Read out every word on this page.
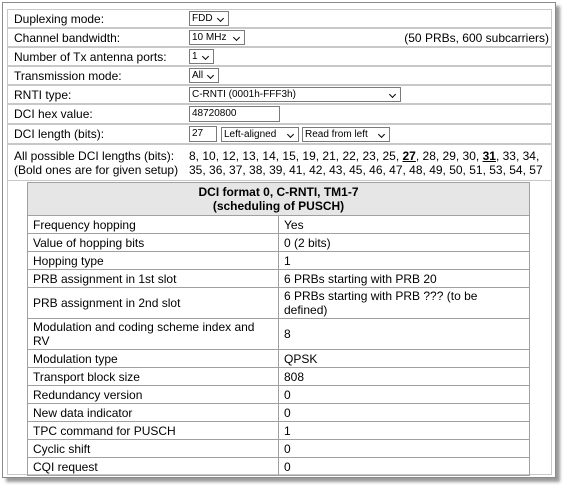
Duplexing mode:	FDD
Channel bandwidth:	10 MHz	(50 PRBs, 600 subcarriers)
Number of Tx antenna ports:	1
Transmission mode:	All
RNTI type:	C-RNTI (0001h-FFF3h)
DCI hex value:	48720800
DCI length (bits):	27	Left-aligned	Read from left
All possible DCI lengths (bits):
(Bold ones are for given setup)
8, 10, 12, 13, 14, 15, 19, 21, 22, 23, 25, 27, 28, 29, 30, 31, 33, 34,
35, 36, 37, 38, 39, 41, 42, 43, 45, 46, 47, 48, 49, 50, 51, 53, 54, 57
DCI format 0, C-RNTI, TM1-7
(scheduling of PUSCH)	
Frequency hopping	Yes
Value of hopping bits	0 (2 bits)
Hopping type	1
PRB assignment in 1st slot	6 PRBs starting with PRB 20
PRB assignment in 2nd slot	6 PRBs starting with PRB ??? (to be defined)
Modulation and coding scheme index and RV	8
Modulation type	QPSK
Transport block size	808
Redundancy version	0
New data indicator	0
TPC command for PUSCH	1
Cyclic shift	0
CQI request	0
